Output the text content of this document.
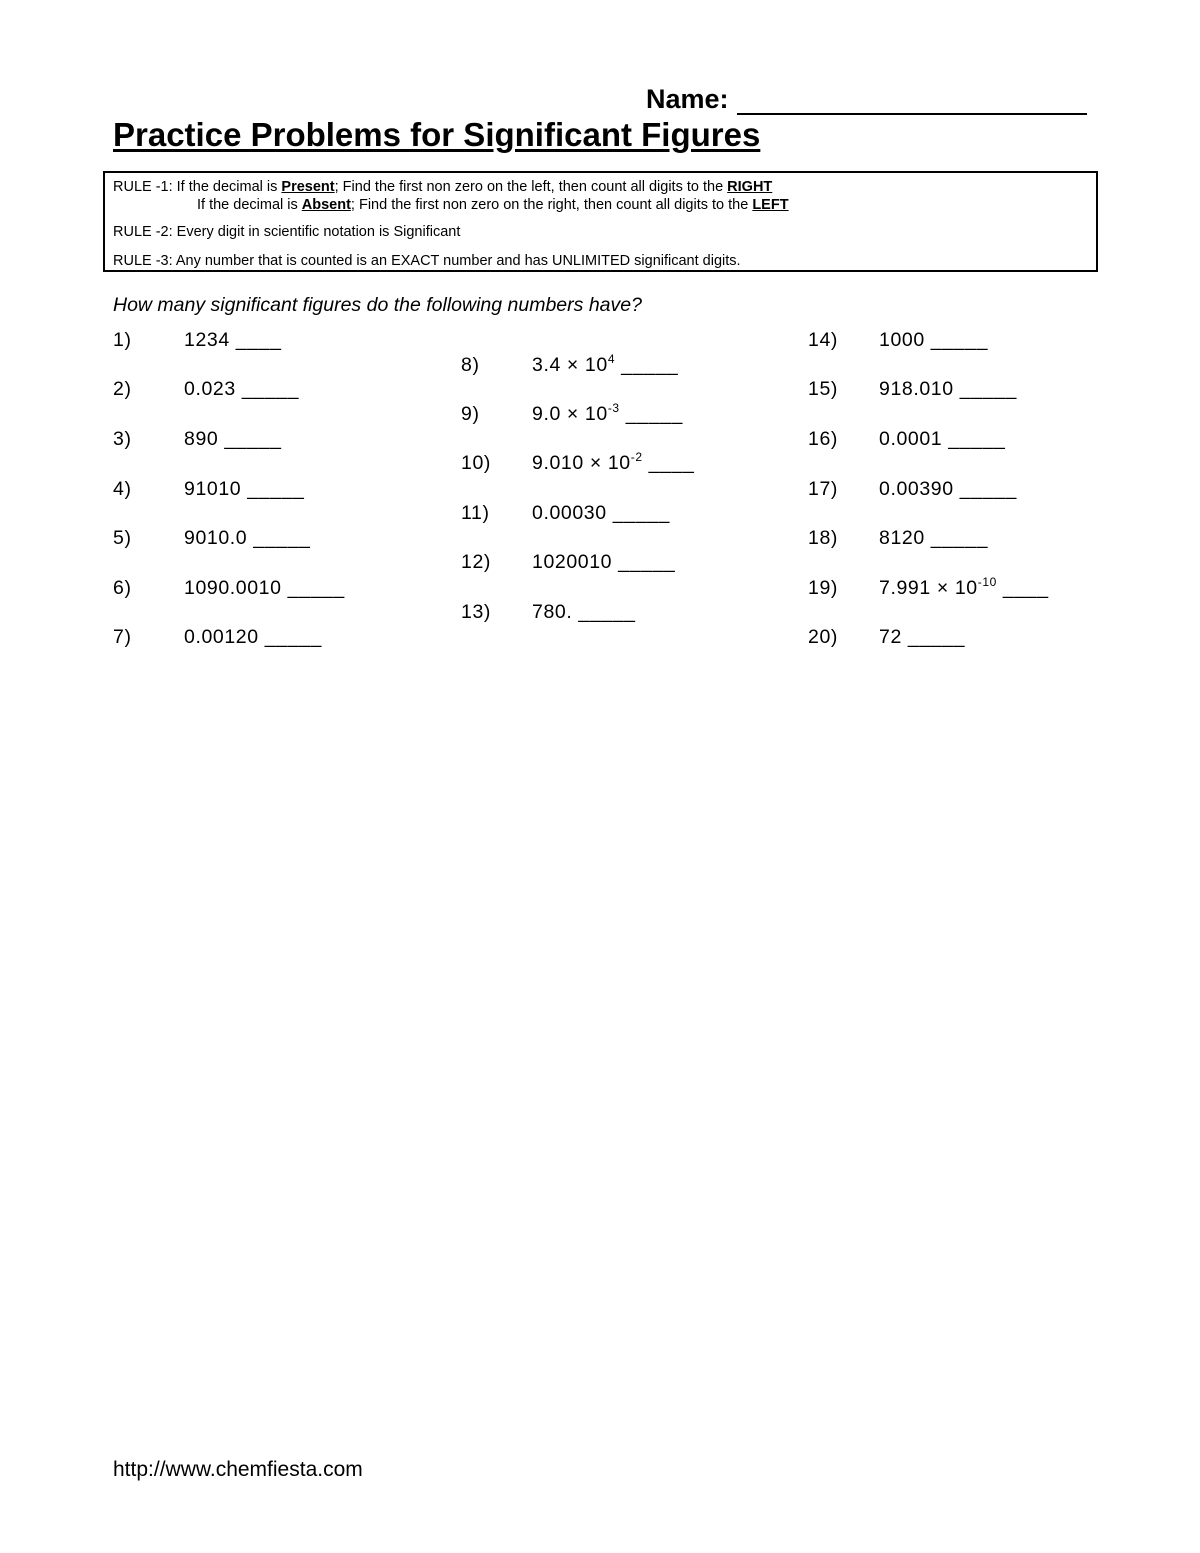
Name:
Practice Problems for Significant Figures
RULE -1: If the decimal is Present; Find the first non zero on the left, then count all digits to the RIGHT
If the decimal is Absent; Find the first non zero on the right, then count all digits to the LEFT
RULE -2: Every digit in scientific notation is Significant
RULE -3: Any number that is counted is an EXACT number and has UNLIMITED significant digits.
How many significant figures do the following numbers have?
1)	1234 ____
2)	0.023 _____
3)	890 _____
4)	91010 _____
5)	9010.0 _____
6)	1090.0010 _____
7)	0.00120 _____
8)	$3.4 \times 10^4$ _____
9)	$9.0 \times 10^{-3}$ _____
10) $9.010 \times 10^{-2}$ ____
11) 0.00030 _____
12) 1020010 _____
13) 780. _____
14) 1000 _____
15) 918.010 _____
16) 0.0001 _____
17) 0.00390 _____
18) 8120 _____
19) $7.991 \times 10^{-10}$ ____
20) 72 _____
http://www.chemfiesta.com
